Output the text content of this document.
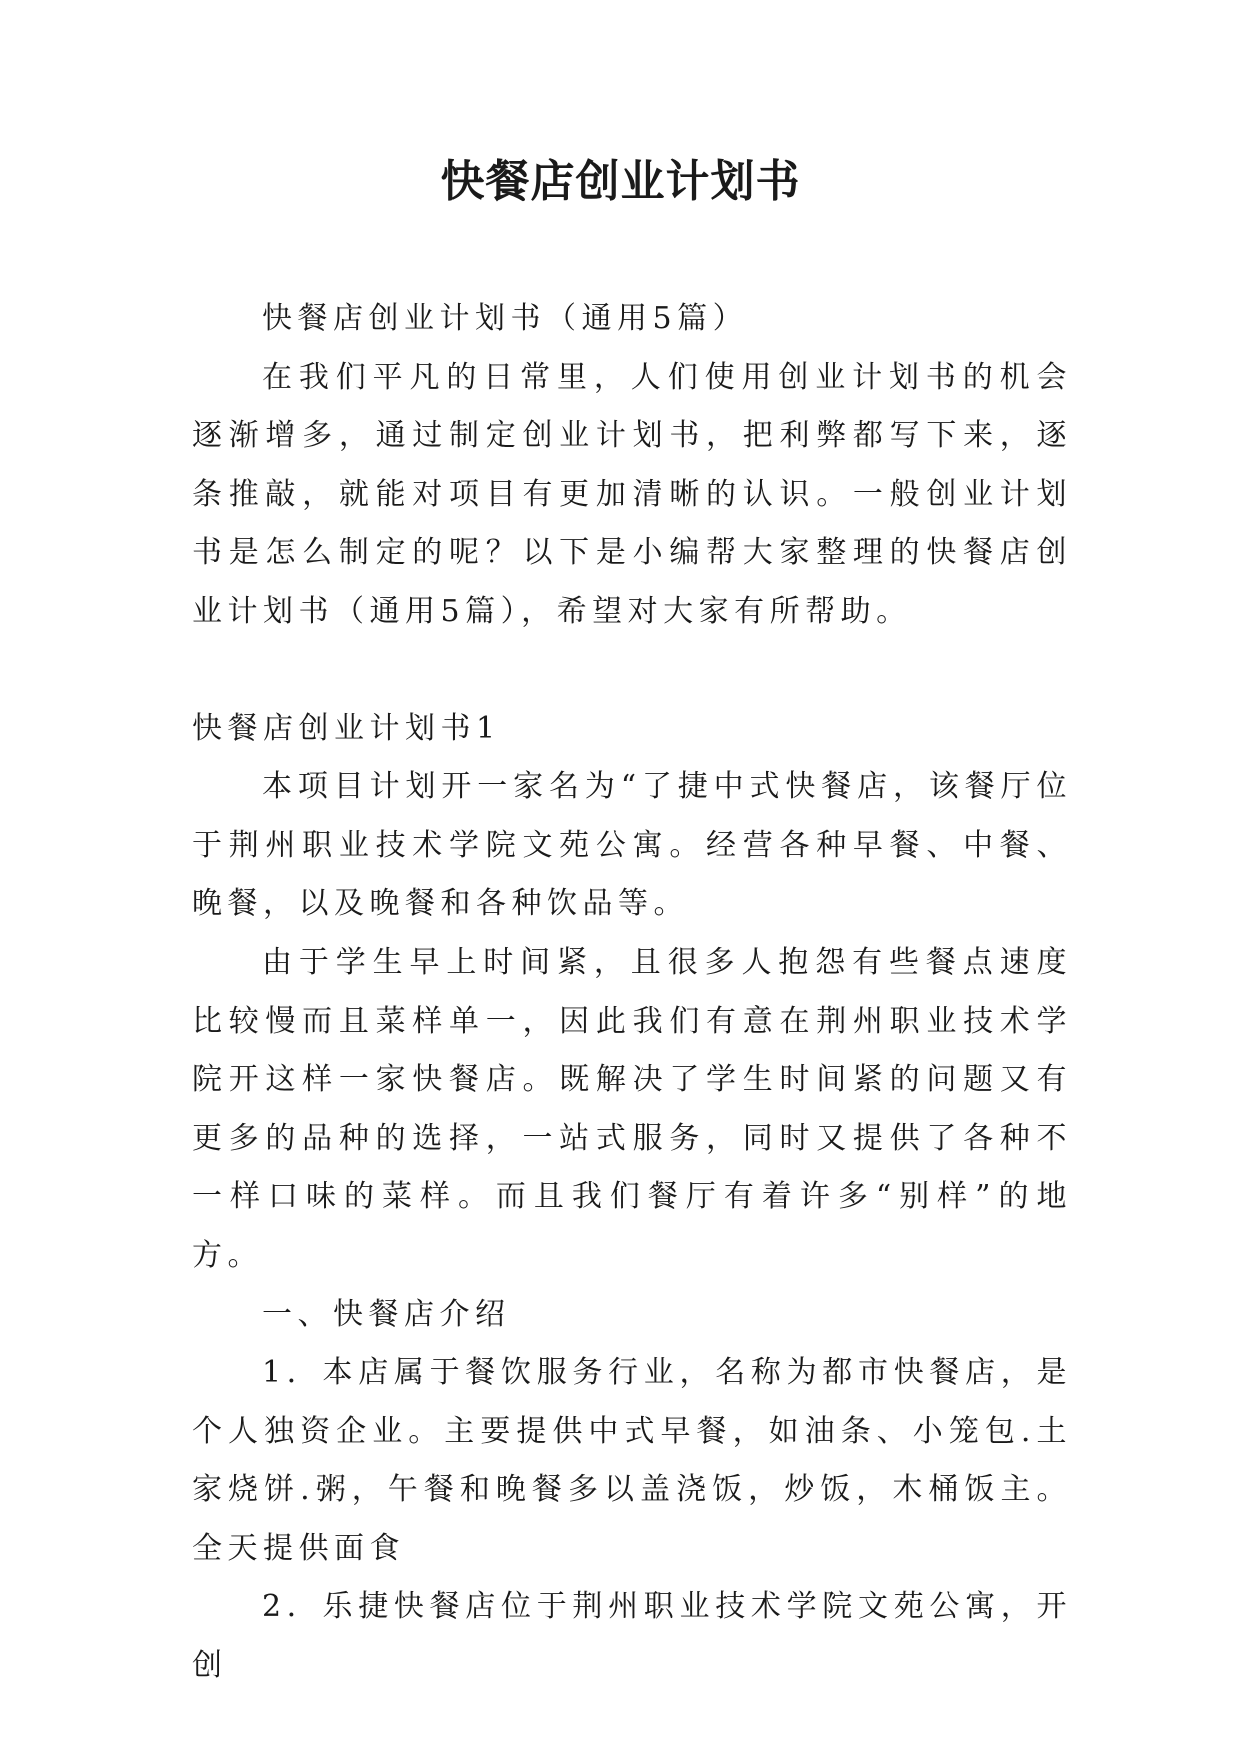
快餐店创业计划书

快餐店创业计划书（通用5篇）

在我们平凡的日常里，人们使用创业计划书的机会逐渐增多，通过制定创业计划书，把利弊都写下来，逐条推敲，就能对项目有更加清晰的认识。一般创业计划书是怎么制定的呢？以下是小编帮大家整理的快餐店创业计划书（通用5篇），希望对大家有所帮助。

快餐店创业计划书1

本项目计划开一家名为“了捷中式快餐店，该餐厅位于荆州职业技术学院文苑公寓。经营各种早餐、中餐、晚餐，以及晚餐和各种饮品等。

由于学生早上时间紧，且很多人抱怨有些餐点速度比较慢而且菜样单一，因此我们有意在荆州职业技术学院开这样一家快餐店。既解决了学生时间紧的问题又有更多的品种的选择，一站式服务，同时又提供了各种不一样口味的菜样。而且我们餐厅有着许多“别样”的地方。

一、快餐店介绍

1．本店属于餐饮服务行业，名称为都市快餐店，是个人独资企业。主要提供中式早餐，如油条、小笼包.土家烧饼.粥，午餐和晚餐多以盖浇饭，炒饭，木桶饭主。全天提供面食

2．乐捷快餐店位于荆州职业技术学院文苑公寓，开创
